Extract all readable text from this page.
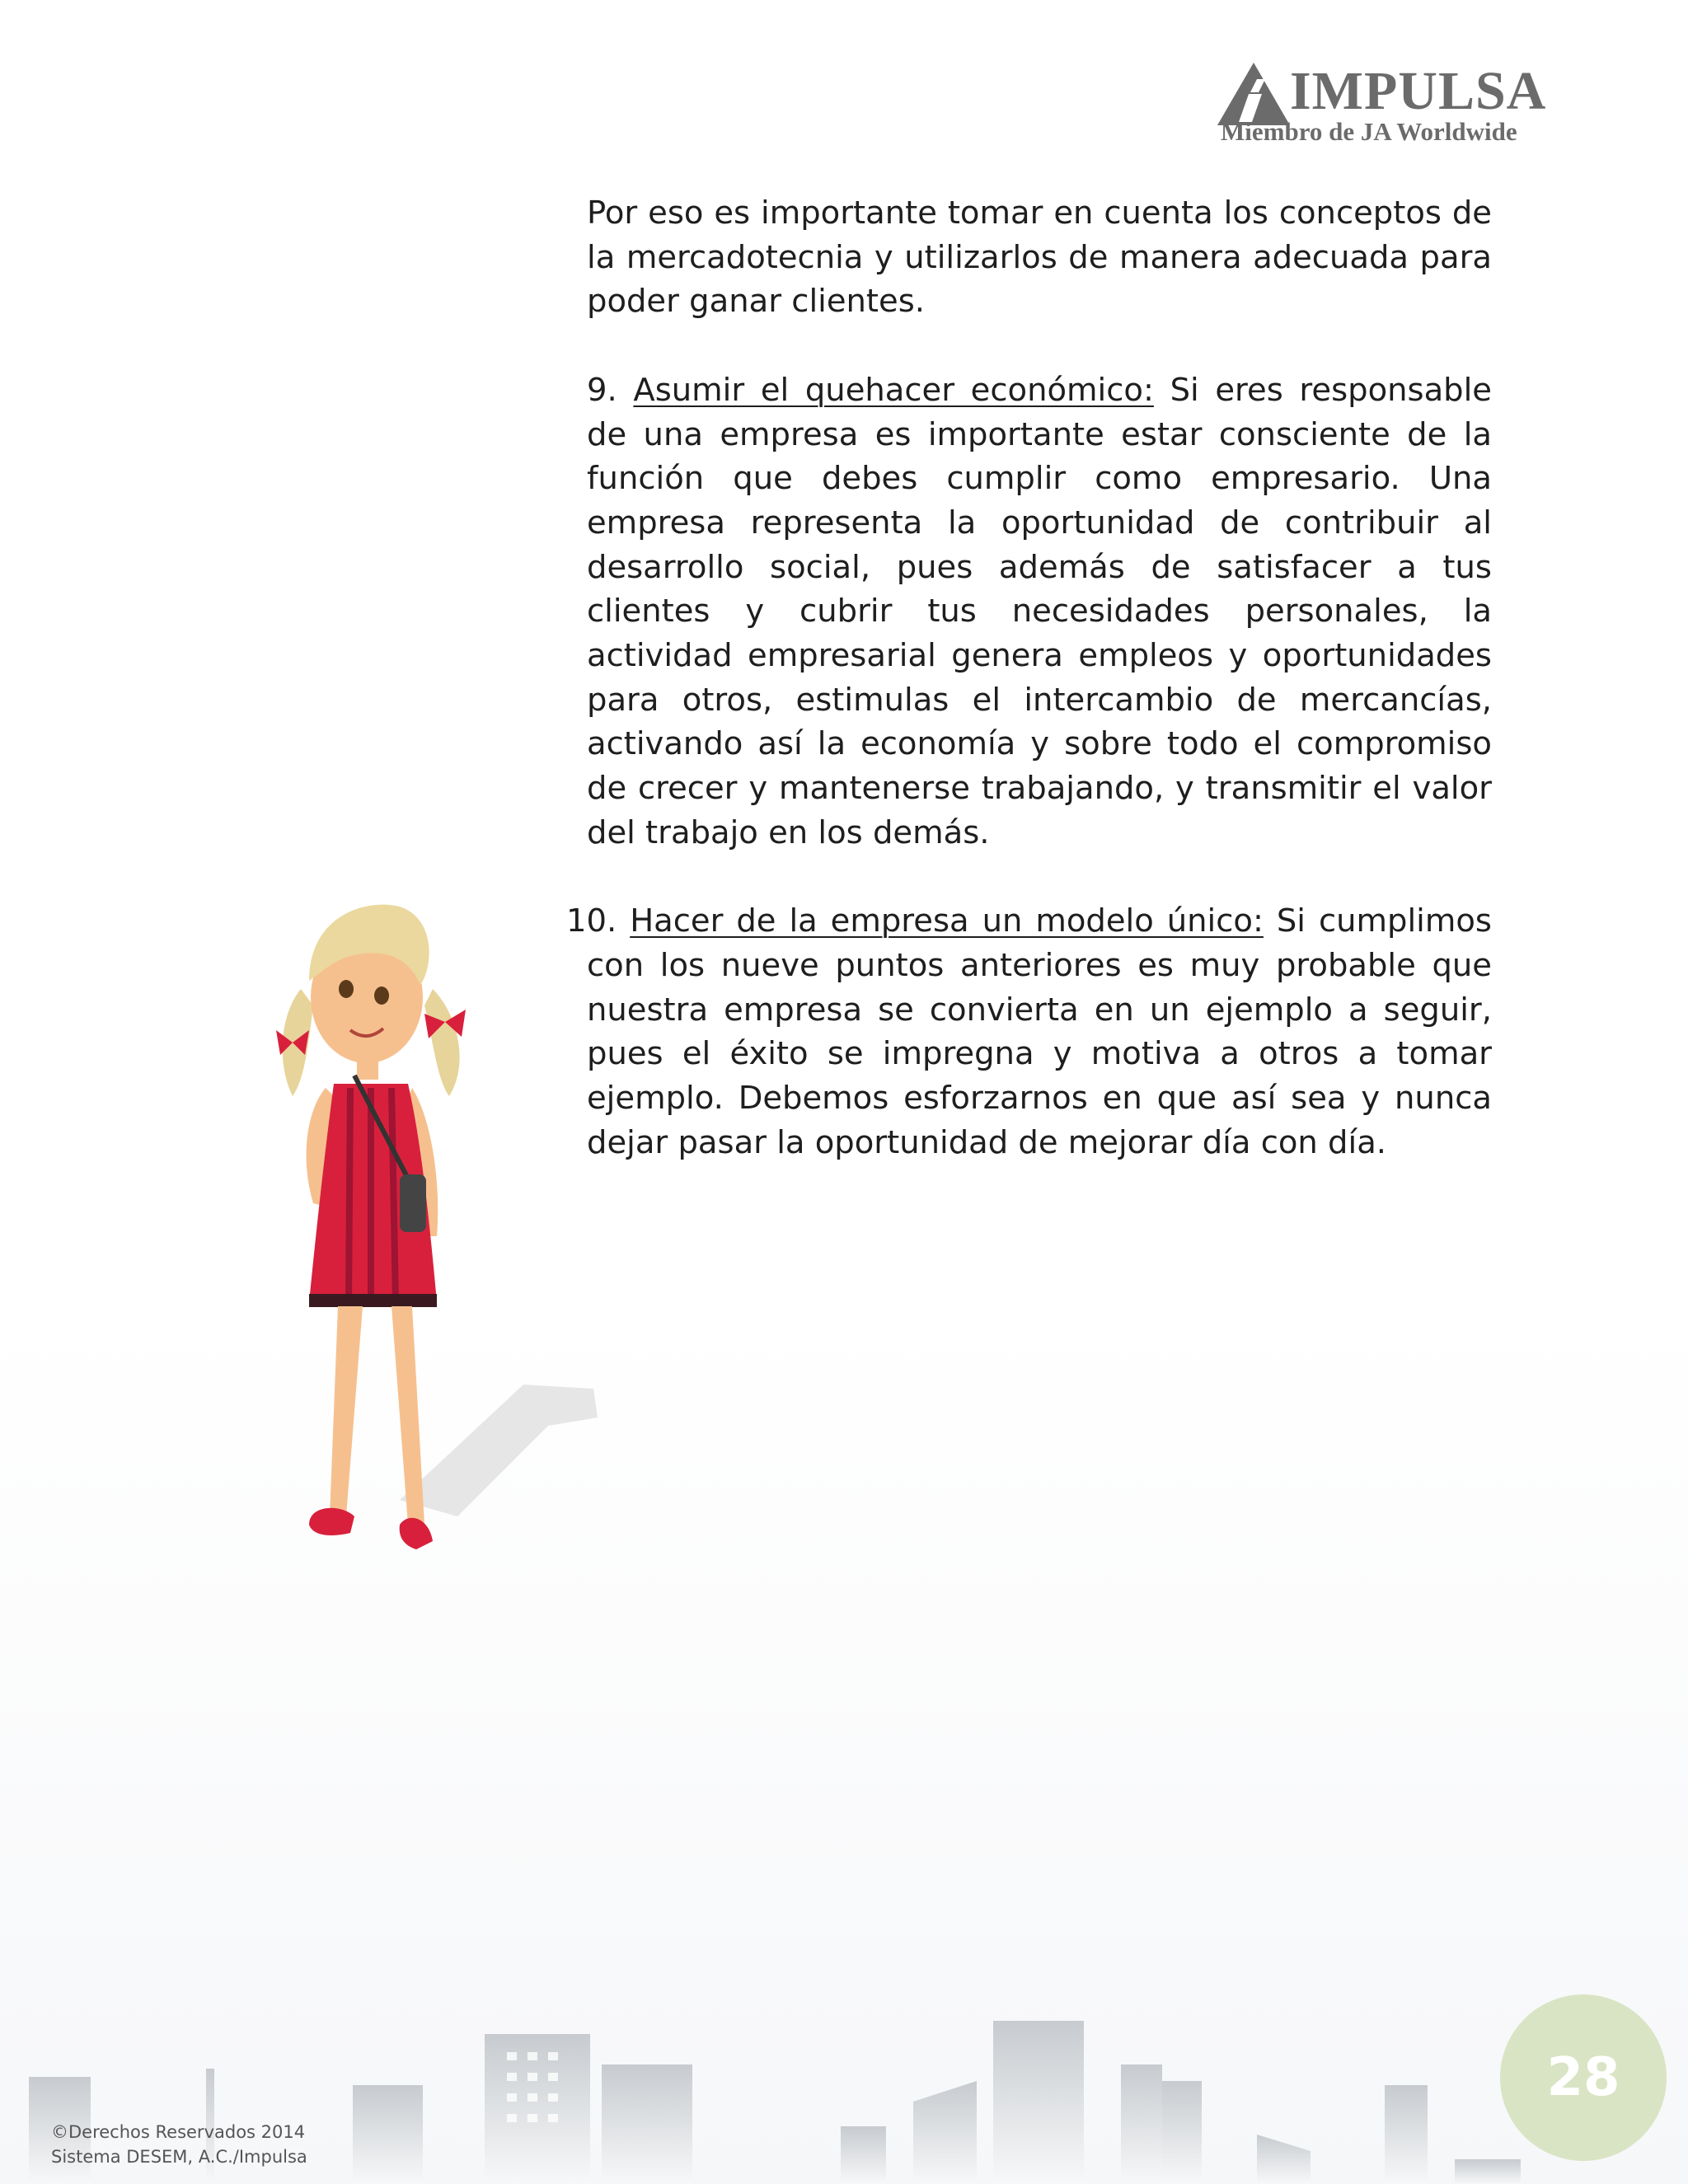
IMPULSA
Miembro de JA Worldwide

Por eso es importante tomar en cuenta los conceptos de la mercadotecnia y utilizarlos de manera adecuada para poder ganar clientes.

9. Asumir el quehacer económico: Si eres responsable de una empresa es importante estar consciente de la función que debes cumplir como empresario. Una empresa representa la oportunidad de contribuir al desarrollo social, pues además de satisfacer a tus clientes y cubrir tus necesidades personales, la actividad empresarial genera empleos y oportunidades para otros, estimulas el intercambio de mercancías, activando así la economía y sobre todo el compromiso de crecer y mantenerse trabajando, y transmitir el valor del trabajo en los demás.

10. Hacer de la empresa un modelo único: Si cumplimos con los nueve puntos anteriores es muy probable que nuestra empresa se convierta en un ejemplo a seguir, pues el éxito se impregna y motiva a otros a tomar ejemplo. Debemos esforzarnos en que así sea y nunca dejar pasar la oportunidad de mejorar día con día.

©Derechos Reservados 2014
Sistema DESEM, A.C./Impulsa
28
